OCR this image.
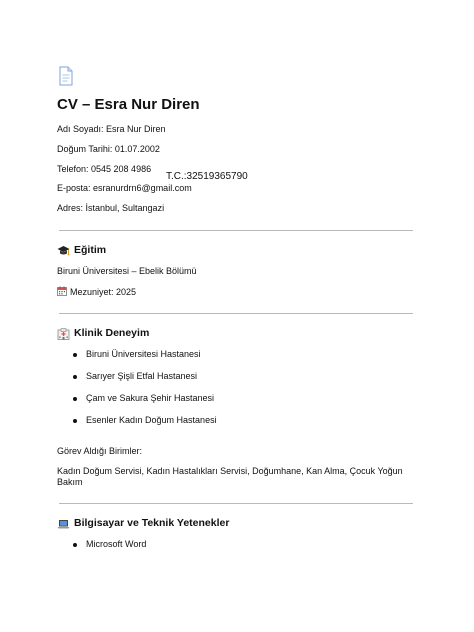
CV – Esra Nur Diren
Adı Soyadı: Esra Nur Diren
Doğum Tarihi: 01.07.2002
Telefon: 0545 208 4986
T.C.:32519365790
E-posta: esranurdrn6@gmail.com
Adres: İstanbul, Sultangazi
Eğitim
Biruni Üniversitesi – Ebelik Bölümü
Mezuniyet: 2025
Klinik Deneyim
Biruni Üniversitesi Hastanesi
Sarıyer Şişli Etfal Hastanesi
Çam ve Sakura Şehir Hastanesi
Esenler Kadın Doğum Hastanesi
Görev Aldığı Birimler:
Kadın Doğum Servisi, Kadın Hastalıkları Servisi, Doğumhane, Kan Alma, Çocuk Yoğun Bakım
Bilgisayar ve Teknik Yetenekler
Microsoft Word
